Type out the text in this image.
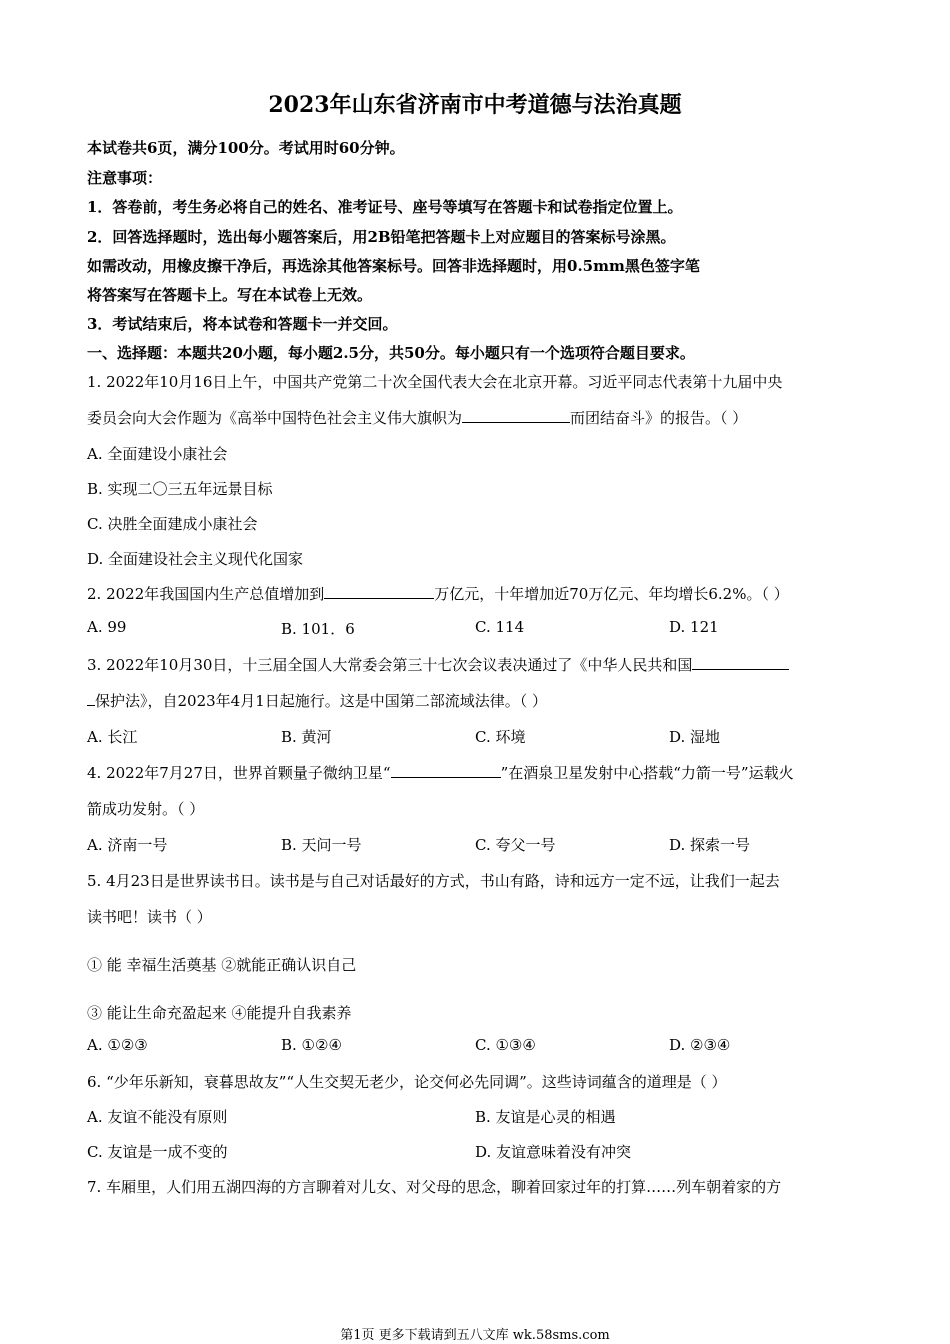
2023年山东省济南市中考道德与法治真题
本试卷共6页，满分100分。考试用时60分钟。
注意事项：
1．答卷前，考生务必将自己的姓名、准考证号、座号等填写在答题卡和试卷指定位置上。
2．回答选择题时，选出每小题答案后，用2B铅笔把答题卡上对应题目的答案标号涂黑。
如需改动，用橡皮擦干净后，再选涂其他答案标号。回答非选择题时，用0.5mm黑色签字笔
将答案写在答题卡上。写在本试卷上无效。
3．考试结束后，将本试卷和答题卡一并交回。
一、选择题：本题共20小题，每小题2.5分，共50分。每小题只有一个选项符合题目要求。
1. 2022年10月16日上午，中国共产党第二十次全国代表大会在北京开幕。习近平同志代表第十九届中央
委员会向大会作题为《高举中国特色社会主义伟大旗帜为	而团结奋斗》的报告。（ ）
A. 全面建设小康社会
B. 实现二〇三五年远景目标
C. 决胜全面建成小康社会
D. 全面建设社会主义现代化国家
2. 2022年我国国内生产总值增加到	万亿元，十年增加近70万亿元、年均增长6.2%。（ ）
A. 99	B. 101．6	C. 114	D. 121
3. 2022年10月30日，十三届全国人大常委会第三十七次会议表决通过了《中华人民共和国
保护法》，自2023年4月1日起施行。这是中国第二部流域法律。（ ）
A. 长江	B. 黄河	C. 环境	D. 湿地
4. 2022年7月27日，世界首颗量子微纳卫星“	”在酒泉卫星发射中心搭载“力箭一号”运载火
箭成功发射。（ ）
A. 济南一号	B. 天问一号	C. 夸父一号	D. 探索一号
5. 4月23日是世界读书日。读书是与自己对话最好的方式，书山有路，诗和远方一定不远，让我们一起去
读书吧！读书（ ）
① 能 幸福生活奠基 ②就能正确认识自己
③ 能让生命充盈起来 ④能提升自我素养
A. ①②③	B. ①②④	C. ①③④	D. ②③④
6. “少年乐新知，衰暮思故友”“人生交契无老少，论交何必先同调”。这些诗词蕴含的道理是（ ）
A. 友谊不能没有原则	B. 友谊是心灵的相遇
C. 友谊是一成不变的	D. 友谊意味着没有冲突
7. 车厢里，人们用五湖四海的方言聊着对儿女、对父母的思念，聊着回家过年的打算……列车朝着家的方
第1页 更多下载请到五八文库 wk.58sms.com
